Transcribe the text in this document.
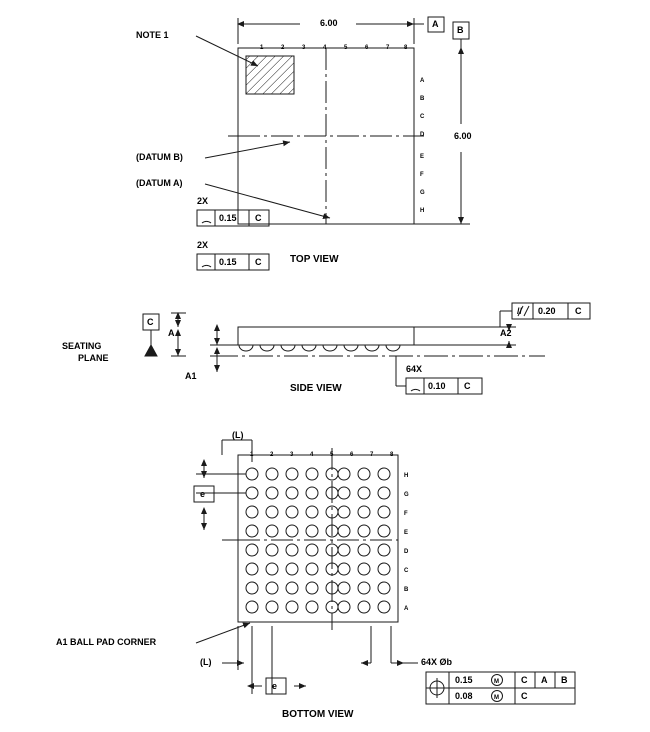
NOTE 1
6.00	A
B
6.00
(DATUM B)
(DATUM A)
2X
0.15 C
2X
0.15 C
1	2	3	4	5	6	7 8
A
B
C
D
E
F
G
H
TOP VIEW
SEATING
PLANE
C
A
A1
A2
// 0.20 C
64X
0.10 C
SIDE VIEW
(L)
e
e
(L)
A1 BALL PAD CORNER
64X Øb
1	2	3	4	5	6	7	8
H
G
F
E
D
C
B
A
0.15	M C A B
0.08	M C
BOTTOM VIEW
